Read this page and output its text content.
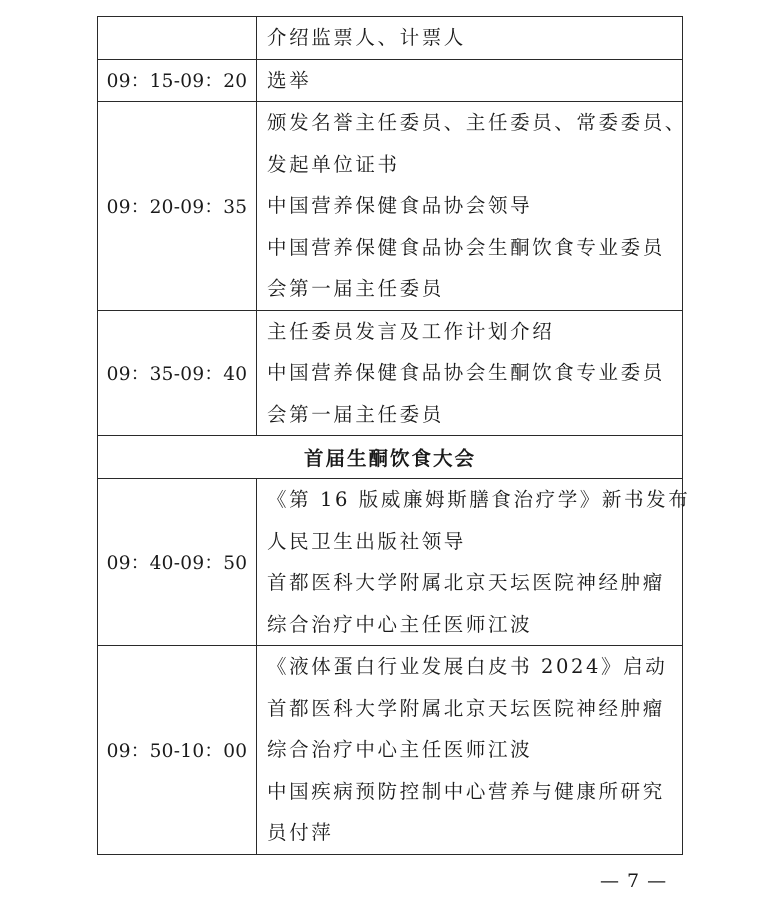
	介绍监票人、计票人

09：15-09：20	选举

09：20-09：35	颁发名誉主任委员、主任委员、常委委员、
发起单位证书
中国营养保健食品协会领导
中国营养保健食品协会生酮饮食专业委员
会第一届主任委员

09：35-09：40	主任委员发言及工作计划介绍
中国营养保健食品协会生酮饮食专业委员
会第一届主任委员

首届生酮饮食大会	
09：40-09：50	《第 16 版威廉姆斯膳食治疗学》新书发布
人民卫生出版社领导
首都医科大学附属北京天坛医院神经肿瘤
综合治疗中心主任医师江波

09：50-10：00	《液体蛋白行业发展白皮书 2024》启动
首都医科大学附属北京天坛医院神经肿瘤
综合治疗中心主任医师江波
中国疾病预防控制中心营养与健康所研究
员付萍
— 7 —
